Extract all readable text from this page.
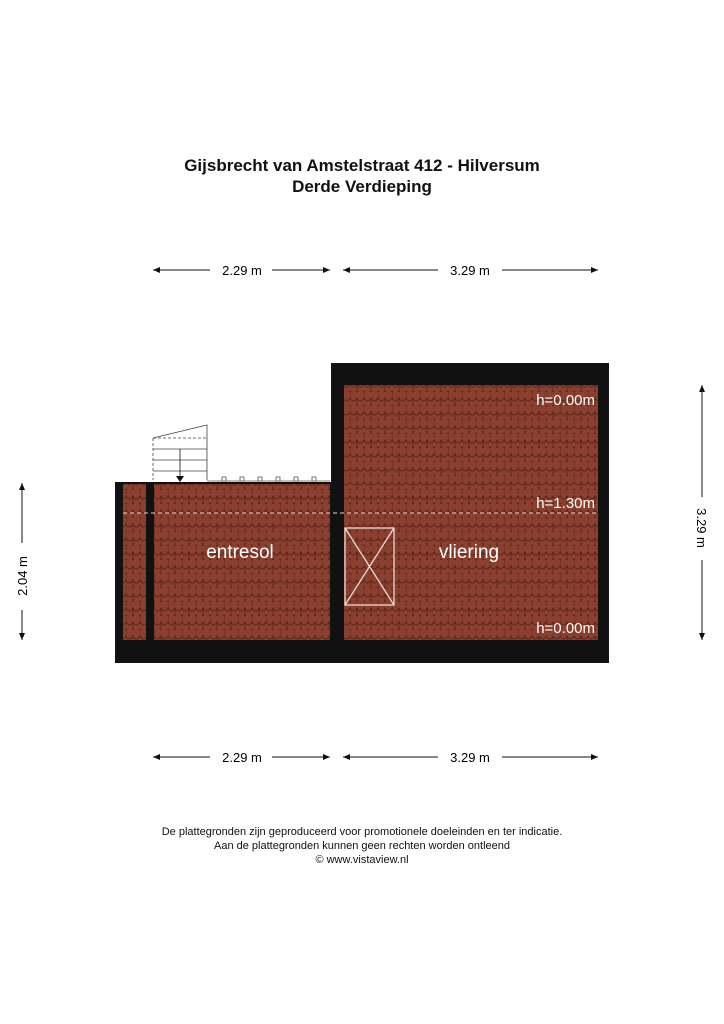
Gijsbrecht van Amstelstraat 412 - Hilversum
Derde Verdieping
2.29 m	3.29 m
2.29 m	3.29 m
2.04 m
3.29 m
entresol	vliering
h=0.00m
h=1.30m
h=0.00m
De plattegronden zijn geproduceerd voor promotionele doeleinden en ter indicatie.
Aan de plattegronden kunnen geen rechten worden ontleend
© www.vistaview.nl
